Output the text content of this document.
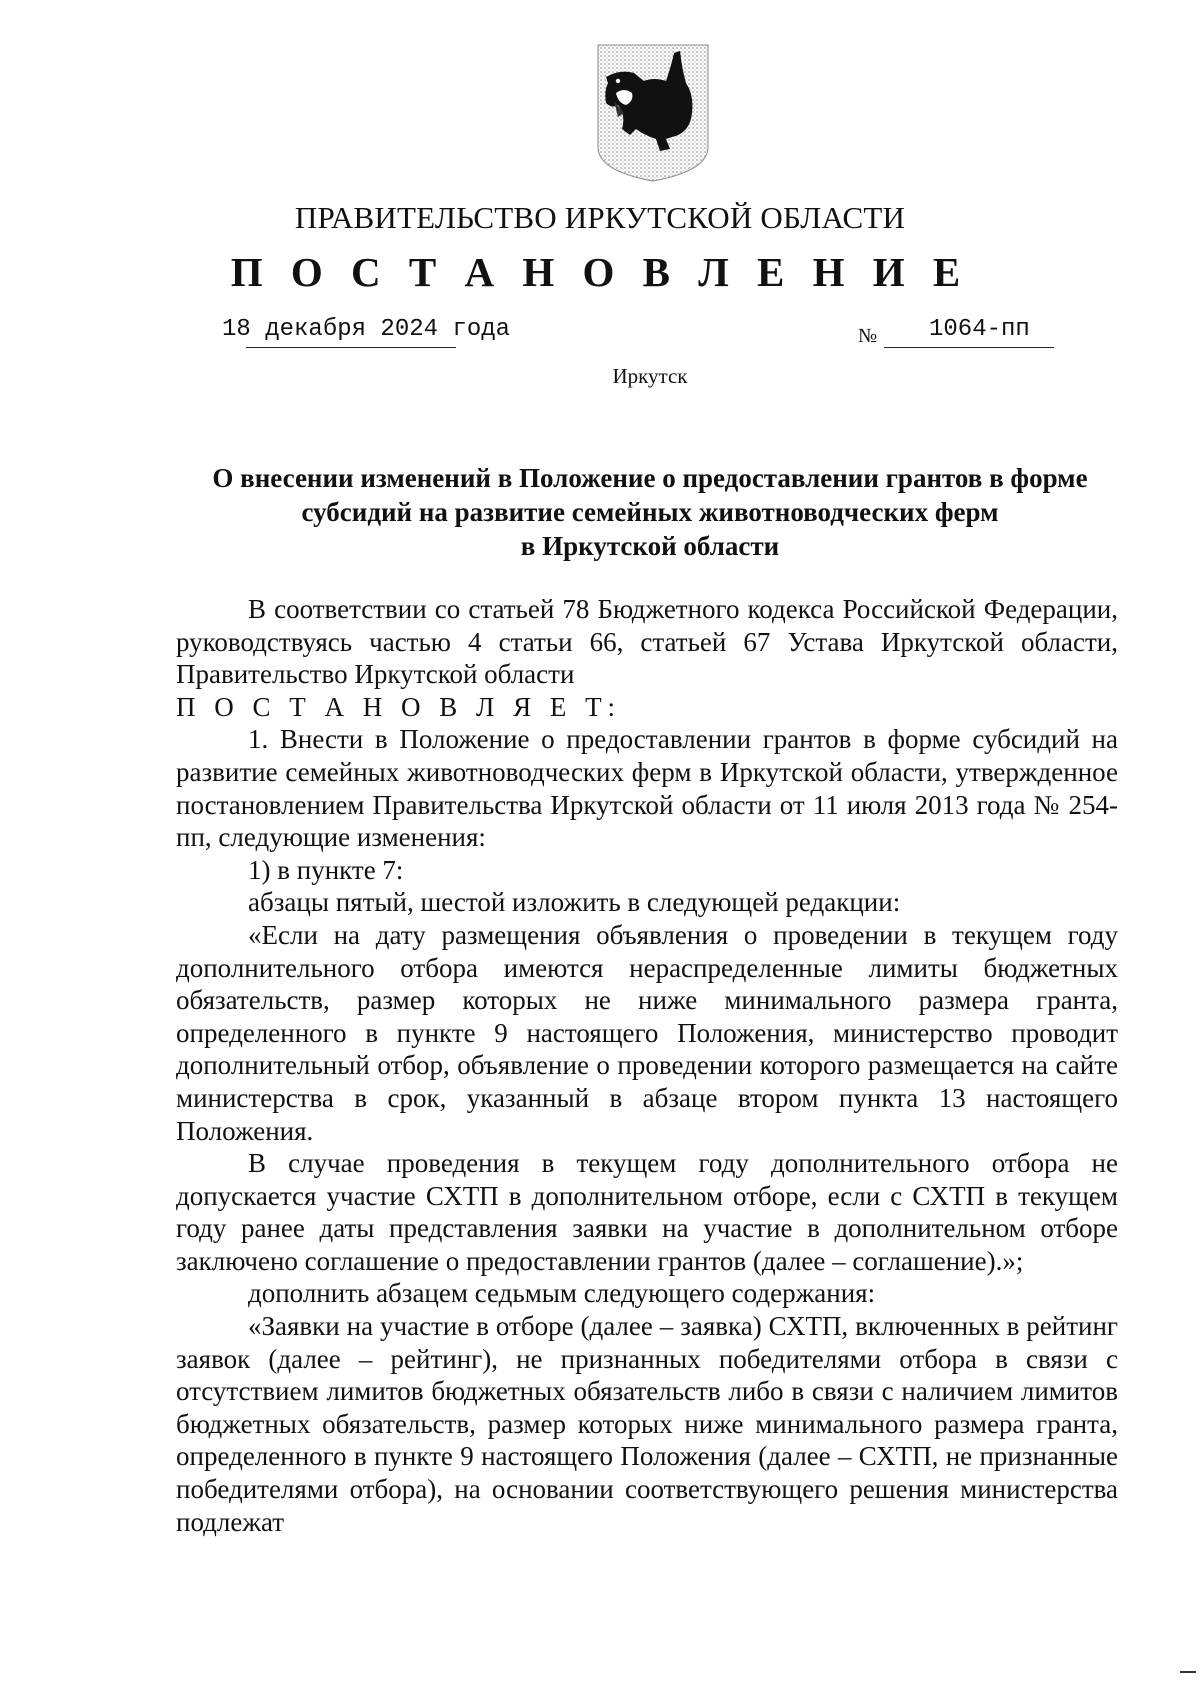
ПРАВИТЕЛЬСТВО ИРКУТСКОЙ ОБЛАСТИ
П О С Т А Н О В Л Е Н И Е
18 декабря 2024 года	№ 1064-пп
Иркутск
О внесении изменений в Положение о предоставлении грантов в форме
субсидий на развитие семейных животноводческих ферм
в Иркутской области

В соответствии со статьей 78 Бюджетного кодекса Российской Федерации, руководствуясь частью 4 статьи 66, статьей 67 Устава Иркутской области, Правительство Иркутской области

П О С Т А Н О В Л Я Е Т:

1. Внести в Положение о предоставлении грантов в форме субсидий на развитие семейных животноводческих ферм в Иркутской области, утвержденное постановлением Правительства Иркутской области от 11 июля 2013 года № 254-пп, следующие изменения:

1) в пункте 7:

абзацы пятый, шестой изложить в следующей редакции:

«Если на дату размещения объявления о проведении в текущем году дополнительного отбора имеются нераспределенные лимиты бюджетных обязательств, размер которых не ниже минимального размера гранта, определенного в пункте 9 настоящего Положения, министерство проводит дополнительный отбор, объявление о проведении которого размещается на сайте министерства в срок, указанный в абзаце втором пункта 13 настоящего Положения.

В случае проведения в текущем году дополнительного отбора не допускается участие СХТП в дополнительном отборе, если с СХТП в текущем году ранее даты представления заявки на участие в дополнительном отборе заключено соглашение о предоставлении грантов (далее – соглашение).»;

дополнить абзацем седьмым следующего содержания:

«Заявки на участие в отборе (далее – заявка) СХТП, включенных в рейтинг заявок (далее – рейтинг), не признанных победителями отбора в связи с отсутствием лимитов бюджетных обязательств либо в связи с наличием лимитов бюджетных обязательств, размер которых ниже минимального размера гранта, определенного в пункте 9 настоящего Положения (далее – СХТП, не признанные победителями отбора), на основании соответствующего решения министерства подлежат
